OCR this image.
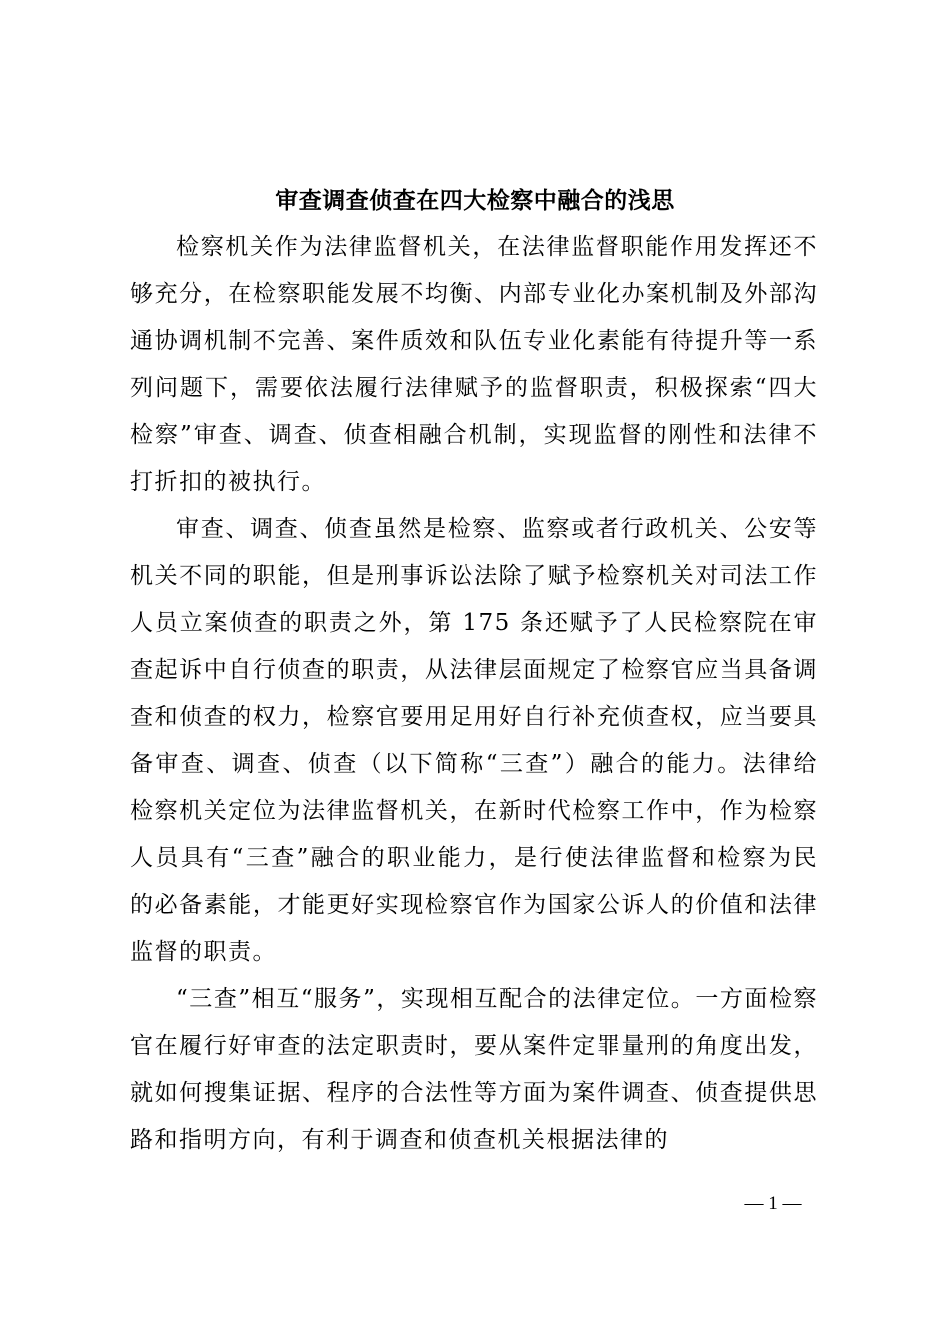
审查调查侦查在四大检察中融合的浅思

检察机关作为法律监督机关，在法律监督职能作用发挥还不够充分，在检察职能发展不均衡、内部专业化办案机制及外部沟通协调机制不完善、案件质效和队伍专业化素能有待提升等一系列问题下，需要依法履行法律赋予的监督职责，积极探索“四大检察”审查、调查、侦查相融合机制，实现监督的刚性和法律不打折扣的被执行。

审查、调查、侦查虽然是检察、监察或者行政机关、公安等机关不同的职能，但是刑事诉讼法除了赋予检察机关对司法工作人员立案侦查的职责之外，第 175 条还赋予了人民检察院在审查起诉中自行侦查的职责，从法律层面规定了检察官应当具备调查和侦查的权力，检察官要用足用好自行补充侦查权，应当要具备审查、调查、侦查（以下简称“三查”）融合的能力。法律给检察机关定位为法律监督机关，在新时代检察工作中，作为检察人员具有“三查”融合的职业能力，是行使法律监督和检察为民的必备素能，才能更好实现检察官作为国家公诉人的价值和法律监督的职责。

“三查”相互“服务”，实现相互配合的法律定位。一方面检察官在履行好审查的法定职责时，要从案件定罪量刑的角度出发，就如何搜集证据、程序的合法性等方面为案件调查、侦查提供思路和指明方向，有利于调查和侦查机关根据法律的

— 1 —
